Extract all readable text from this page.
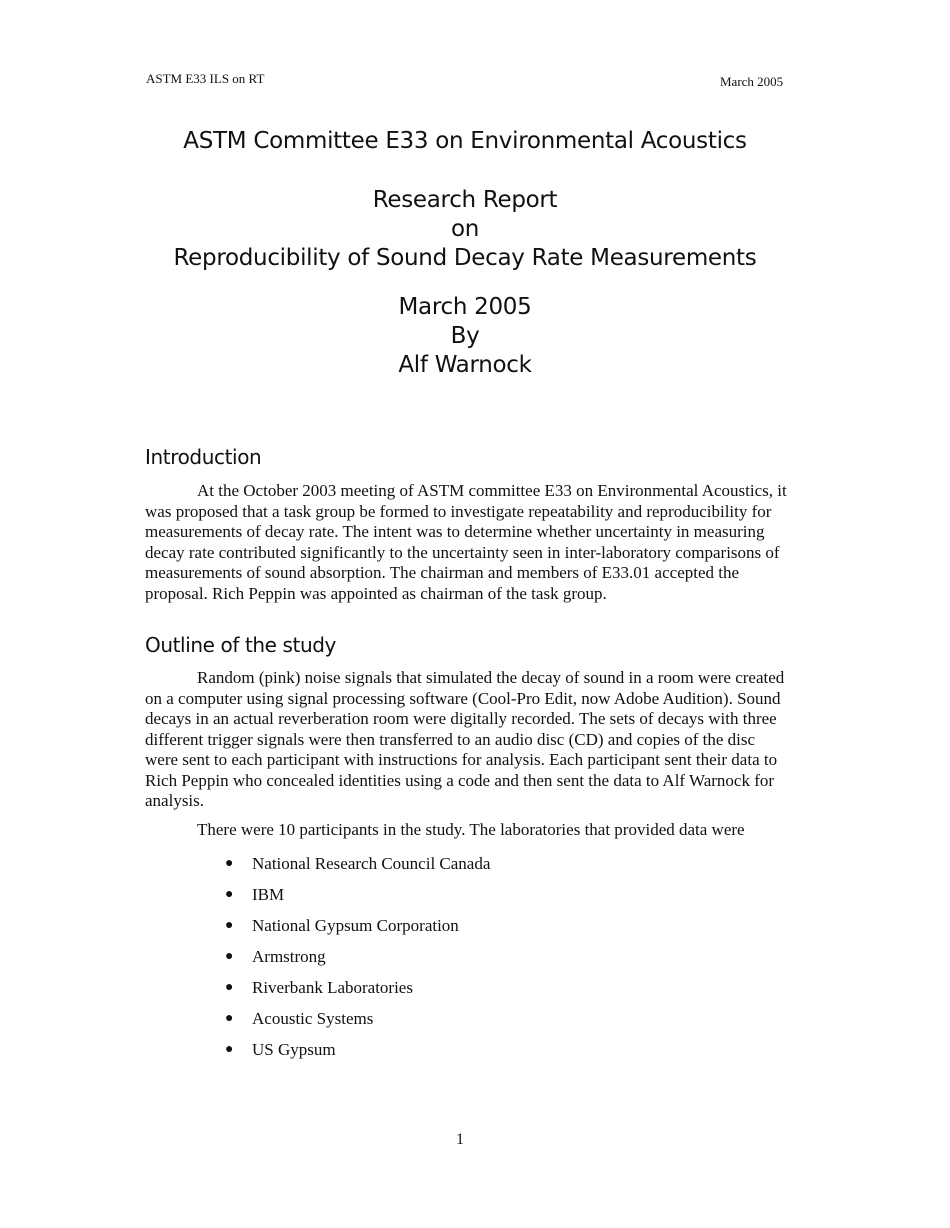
ASTM E33 ILS on RT	March 2005
ASTM Committee E33 on Environmental Acoustics
Research Report
on
Reproducibility of Sound Decay Rate Measurements
March 2005
By
Alf Warnock
Introduction

At the October 2003 meeting of ASTM committee E33 on Environmental Acoustics, it was proposed that a task group be formed to investigate repeatability and reproducibility for measurements of decay rate. The intent was to determine whether uncertainty in measuring decay rate contributed significantly to the uncertainty seen in inter-laboratory comparisons of measurements of sound absorption. The chairman and members of E33.01 accepted the proposal. Rich Peppin was appointed as chairman of the task group.

Outline of the study

Random (pink) noise signals that simulated the decay of sound in a room were created on a computer using signal processing software (Cool-Pro Edit, now Adobe Audition). Sound decays in an actual reverberation room were digitally recorded. The sets of decays with three different trigger signals were then transferred to an audio disc (CD) and copies of the disc were sent to each participant with instructions for analysis. Each participant sent their data to Rich Peppin who concealed identities using a code and then sent the data to Alf Warnock for analysis.

There were 10 participants in the study. The laboratories that provided data were

●	National Research Council Canada
●	IBM
●	National Gypsum Corporation
●	Armstrong
●	Riverbank Laboratories
●	Acoustic Systems
●	US Gypsum
1
